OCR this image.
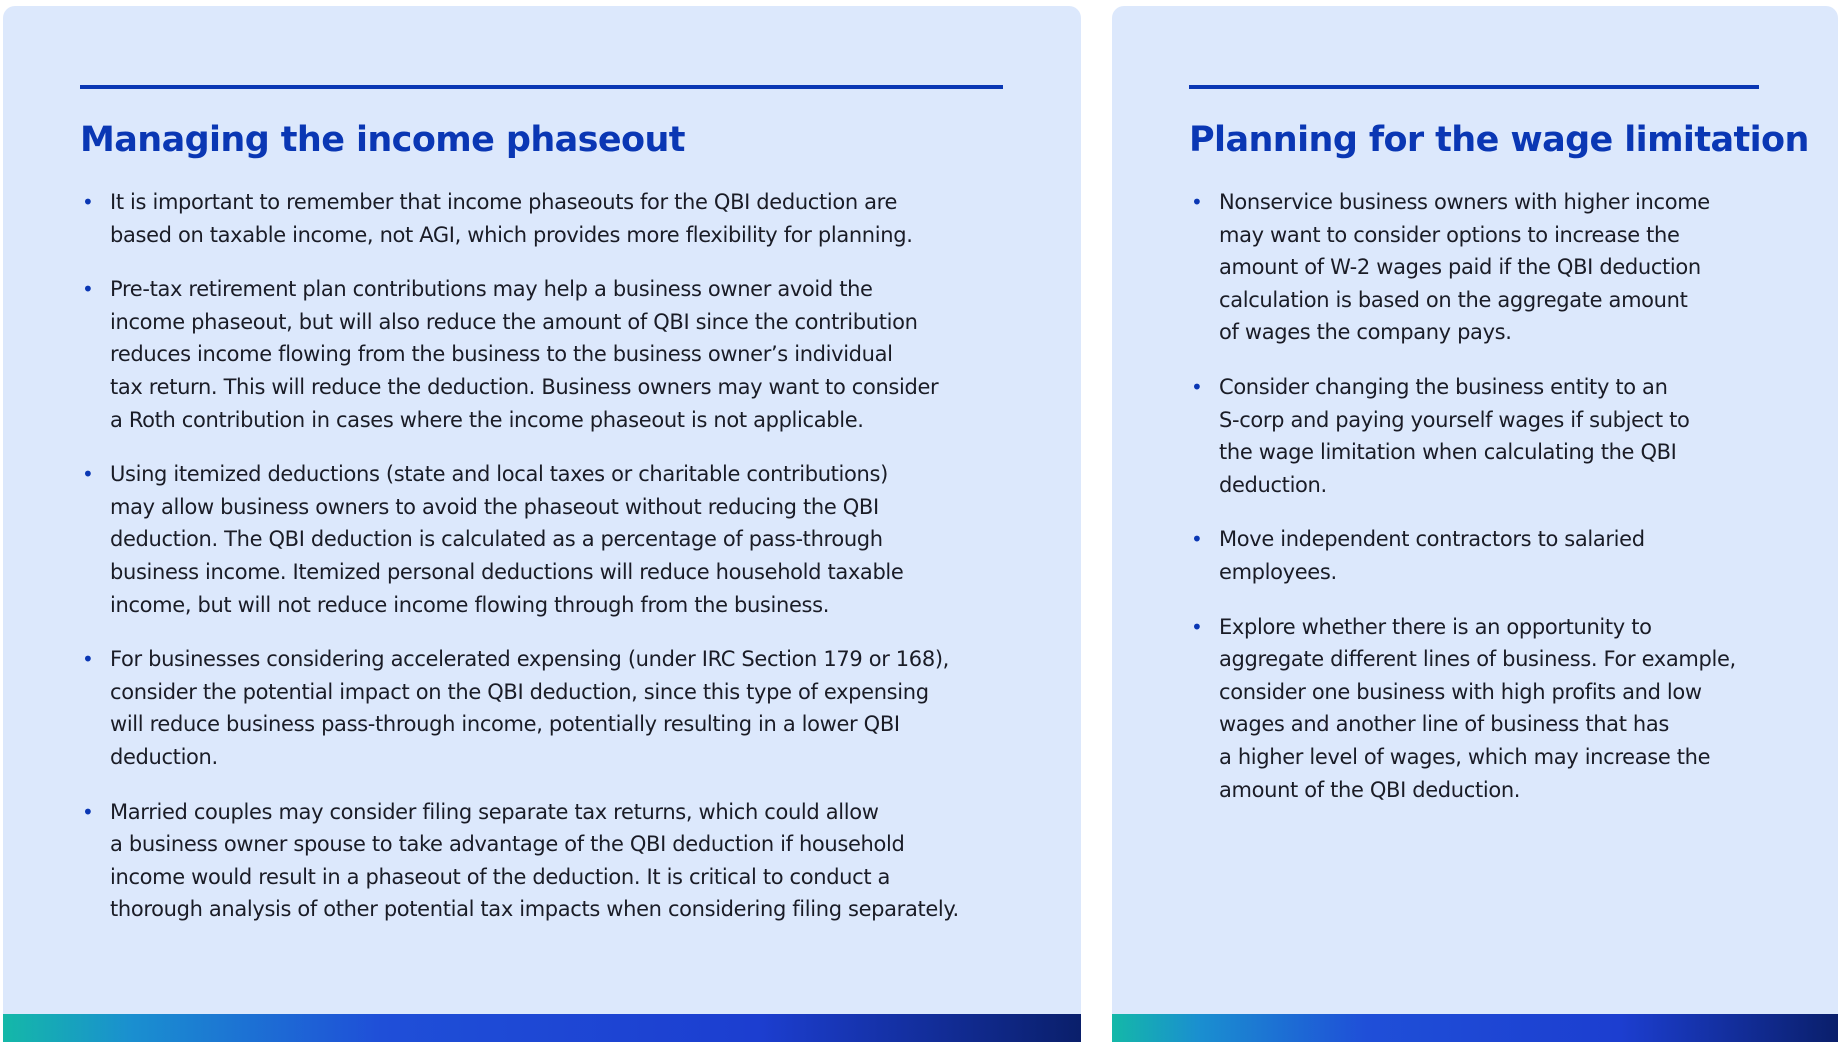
Managing the income phaseout
• It is important to remember that income phaseouts for the QBI deduction are
based on taxable income, not AGI, which provides more flexibility for planning.
• Pre-tax retirement plan contributions may help a business owner avoid the
income phaseout, but will also reduce the amount of QBI since the contribution
reduces income flowing from the business to the business owner’s individual
tax return. This will reduce the deduction. Business owners may want to consider
a Roth contribution in cases where the income phaseout is not applicable.
• Using itemized deductions (state and local taxes or charitable contributions)
may allow business owners to avoid the phaseout without reducing the QBI
deduction. The QBI deduction is calculated as a percentage of pass-through
business income. Itemized personal deductions will reduce household taxable
income, but will not reduce income flowing through from the business.
• For businesses considering accelerated expensing (under IRC Section 179 or 168),
consider the potential impact on the QBI deduction, since this type of expensing
will reduce business pass-through income, potentially resulting in a lower QBI
deduction.
• Married couples may consider filing separate tax returns, which could allow
a business owner spouse to take advantage of the QBI deduction if household
income would result in a phaseout of the deduction. It is critical to conduct a
thorough analysis of other potential tax impacts when considering filing separately.
Planning for the wage limitation
• Nonservice business owners with higher income
may want to consider options to increase the
amount of W-2 wages paid if the QBI deduction
calculation is based on the aggregate amount
of wages the company pays.
• Consider changing the business entity to an
S-corp and paying yourself wages if subject to
the wage limitation when calculating the QBI
deduction.
• Move independent contractors to salaried
employees.
• Explore whether there is an opportunity to
aggregate different lines of business. For example,
consider one business with high profits and low
wages and another line of business that has
a higher level of wages, which may increase the
amount of the QBI deduction.
